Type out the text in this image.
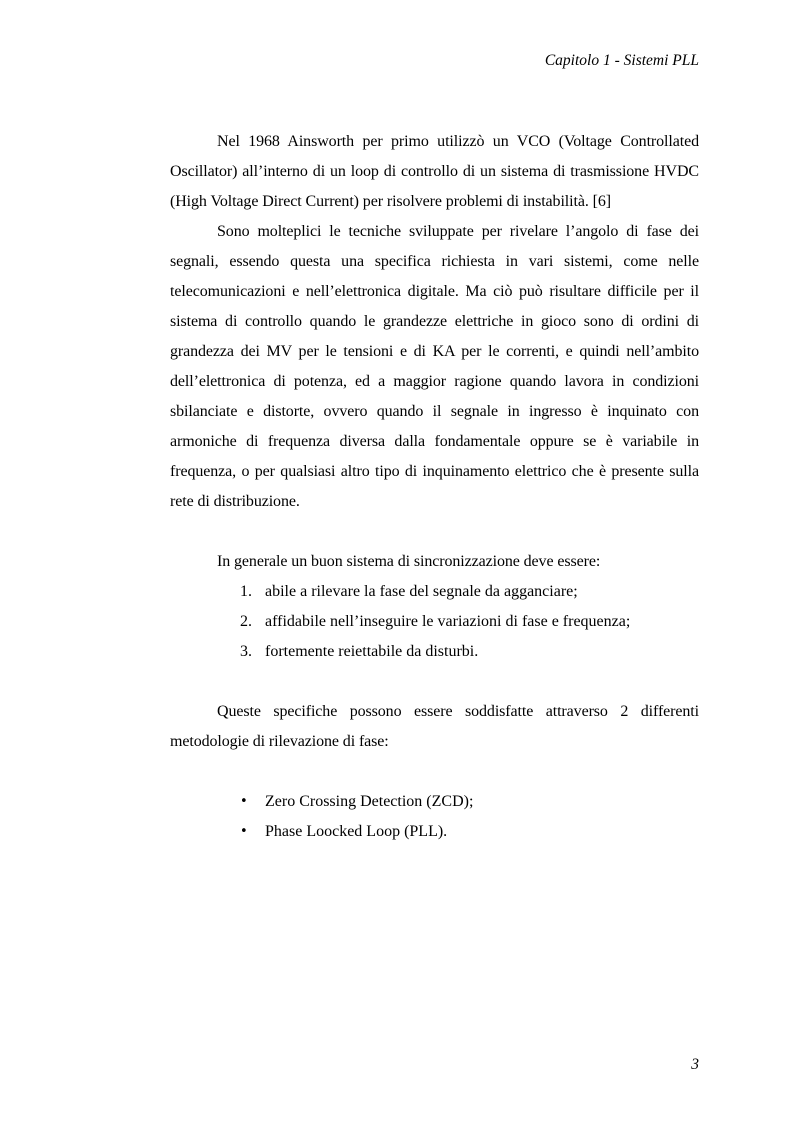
Capitolo 1 - Sistemi PLL

Nel 1968 Ainsworth per primo utilizzò un VCO (Voltage Controllated Oscillator) all’interno di un loop di controllo di un sistema di trasmissione HVDC (High Voltage Direct Current) per risolvere problemi di instabilità. [6]

Sono molteplici le tecniche sviluppate per rivelare l’angolo di fase dei segnali, essendo questa una specifica richiesta in vari sistemi, come nelle telecomunicazioni e nell’elettronica digitale. Ma ciò può risultare difficile per il sistema di controllo quando le grandezze elettriche in gioco sono di ordini di grandezza dei MV per le tensioni e di KA per le correnti, e quindi nell’ambito dell’elettronica di potenza, ed a maggior ragione quando lavora in condizioni sbilanciate e distorte, ovvero quando il segnale in ingresso è inquinato con armoniche di frequenza diversa dalla fondamentale oppure se è variabile in frequenza, o per qualsiasi altro tipo di inquinamento elettrico che è presente sulla rete di distribuzione.

In generale un buon sistema di sincronizzazione deve essere:

1. abile a rilevare la fase del segnale da agganciare;
2. affidabile nell’inseguire le variazioni di fase e frequenza;
3. fortemente reiettabile da disturbi.

Queste specifiche possono essere soddisfatte attraverso 2 differenti metodologie di rilevazione di fase:

•	Zero Crossing Detection (ZCD);
•	Phase Loocked Loop (PLL).
3
